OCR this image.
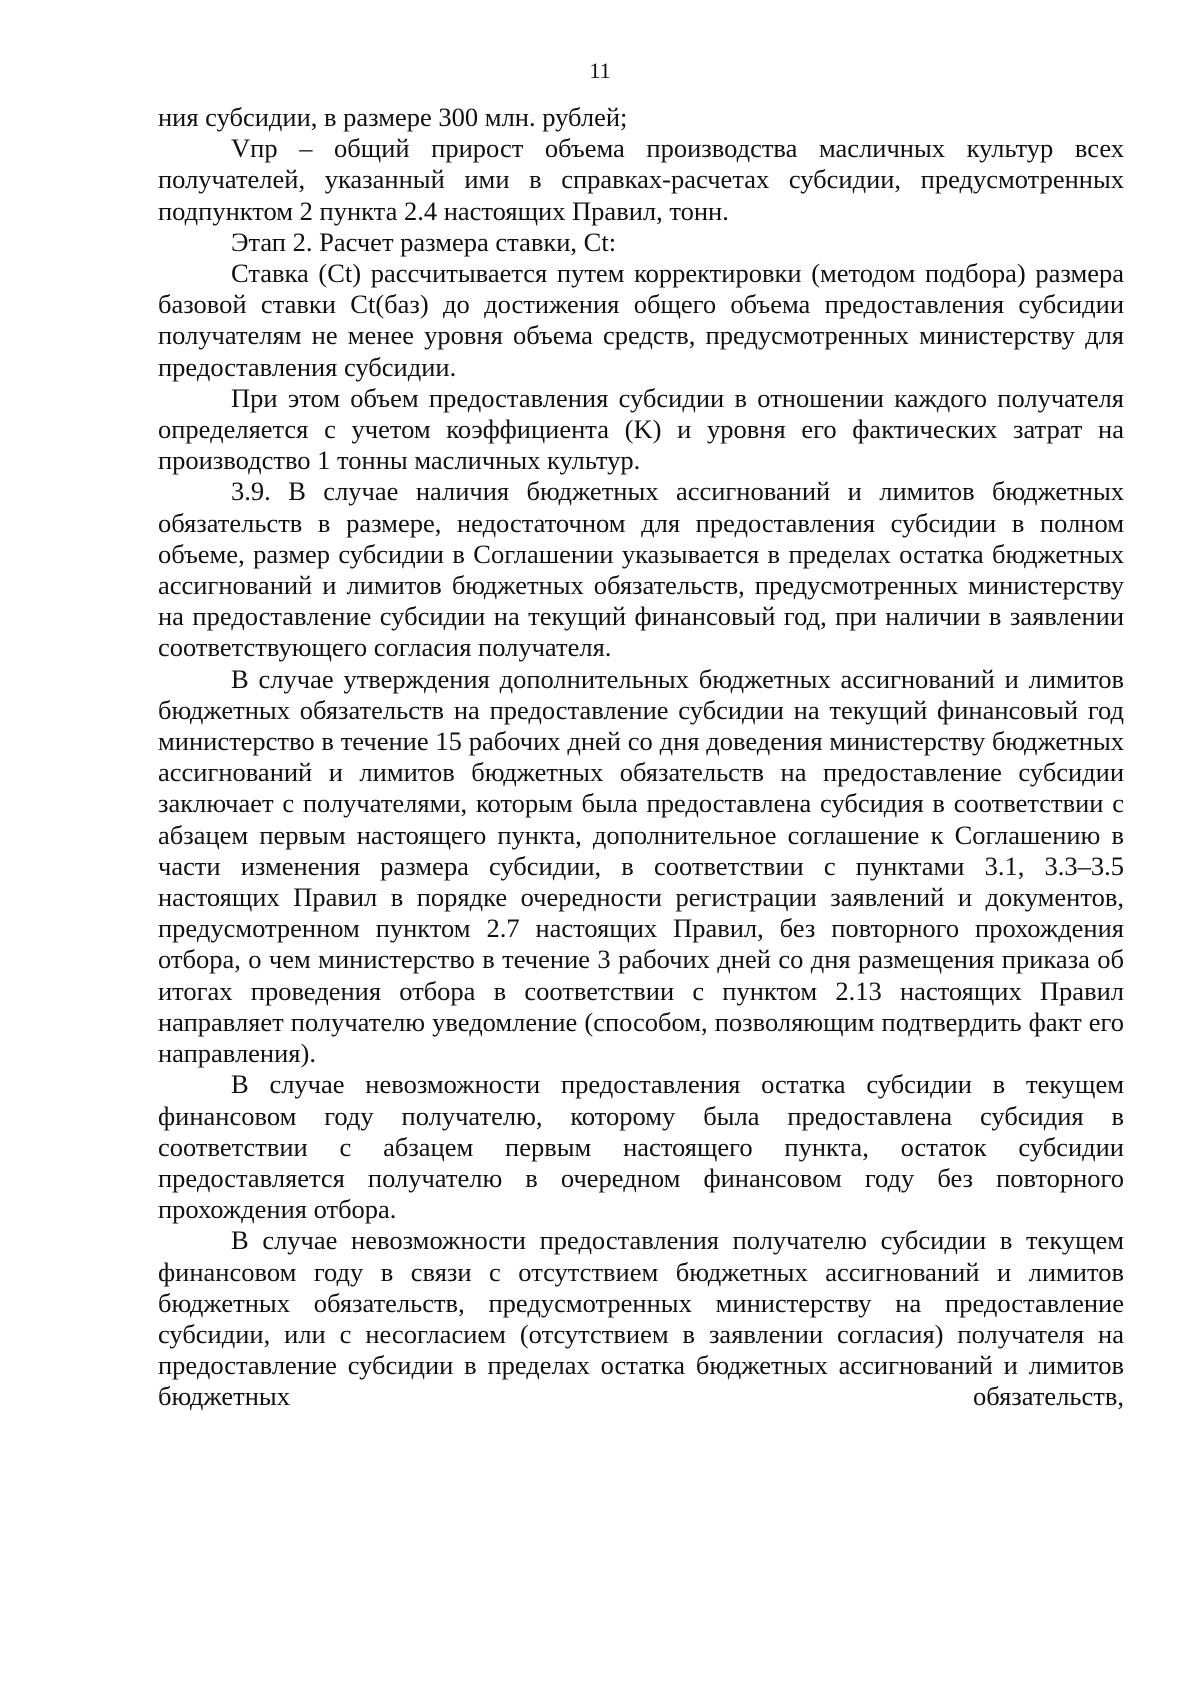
11

ния субсидии, в размере 300 млн. рублей;

Vпр – общий прирост объема производства масличных культур всех получателей, указанный ими в справках-расчетах субсидии, предусмотренных подпунктом 2 пункта 2.4 настоящих Правил, тонн.

Этап 2. Расчет размера ставки, Ct:

Ставка (Ct) рассчитывается путем корректировки (методом подбора) размера базовой ставки Ct(баз) до достижения общего объема предоставления субсидии получателям не менее уровня объема средств, предусмотренных министерству для предоставления субсидии.

При этом объем предоставления субсидии в отношении каждого получателя определяется с учетом коэффициента (K) и уровня его фактических затрат на производство 1 тонны масличных культур.

3.9. В случае наличия бюджетных ассигнований и лимитов бюджетных обязательств в размере, недостаточном для предоставления субсидии в полном объеме, размер субсидии в Соглашении указывается в пределах остатка бюджетных ассигнований и лимитов бюджетных обязательств, предусмотренных министерству на предоставление субсидии на текущий финансовый год, при наличии в заявлении соответствующего согласия получателя.

В случае утверждения дополнительных бюджетных ассигнований и лимитов бюджетных обязательств на предоставление субсидии на текущий финансовый год министерство в течение 15 рабочих дней со дня доведения министерству бюджетных ассигнований и лимитов бюджетных обязательств на предоставление субсидии заключает с получателями, которым была предоставлена субсидия в соответствии с абзацем первым настоящего пункта, дополнительное соглашение к Соглашению в части изменения размера субсидии, в соответствии с пунктами 3.1, 3.3–3.5 настоящих Правил в порядке очередности регистрации заявлений и документов, предусмотренном пунктом 2.7 настоящих Правил, без повторного прохождения отбора, о чем министерство в течение 3 рабочих дней со дня размещения приказа об итогах проведения отбора в соответствии с пунктом 2.13 настоящих Правил направляет получателю уведомление (способом, позволяющим подтвердить факт его направления).

В случае невозможности предоставления остатка субсидии в текущем финансовом году получателю, которому была предоставлена субсидия в соответствии с абзацем первым настоящего пункта, остаток субсидии предоставляется получателю в очередном финансовом году без повторного прохождения отбора.

В случае невозможности предоставления получателю субсидии в текущем финансовом году в связи с отсутствием бюджетных ассигнований и лимитов бюджетных обязательств, предусмотренных министерству на предоставление субсидии, или с несогласием (отсутствием в заявлении согласия) получателя на предоставление субсидии в пределах остатка бюджетных ассигнований и лимитов бюджетных обязательств,
